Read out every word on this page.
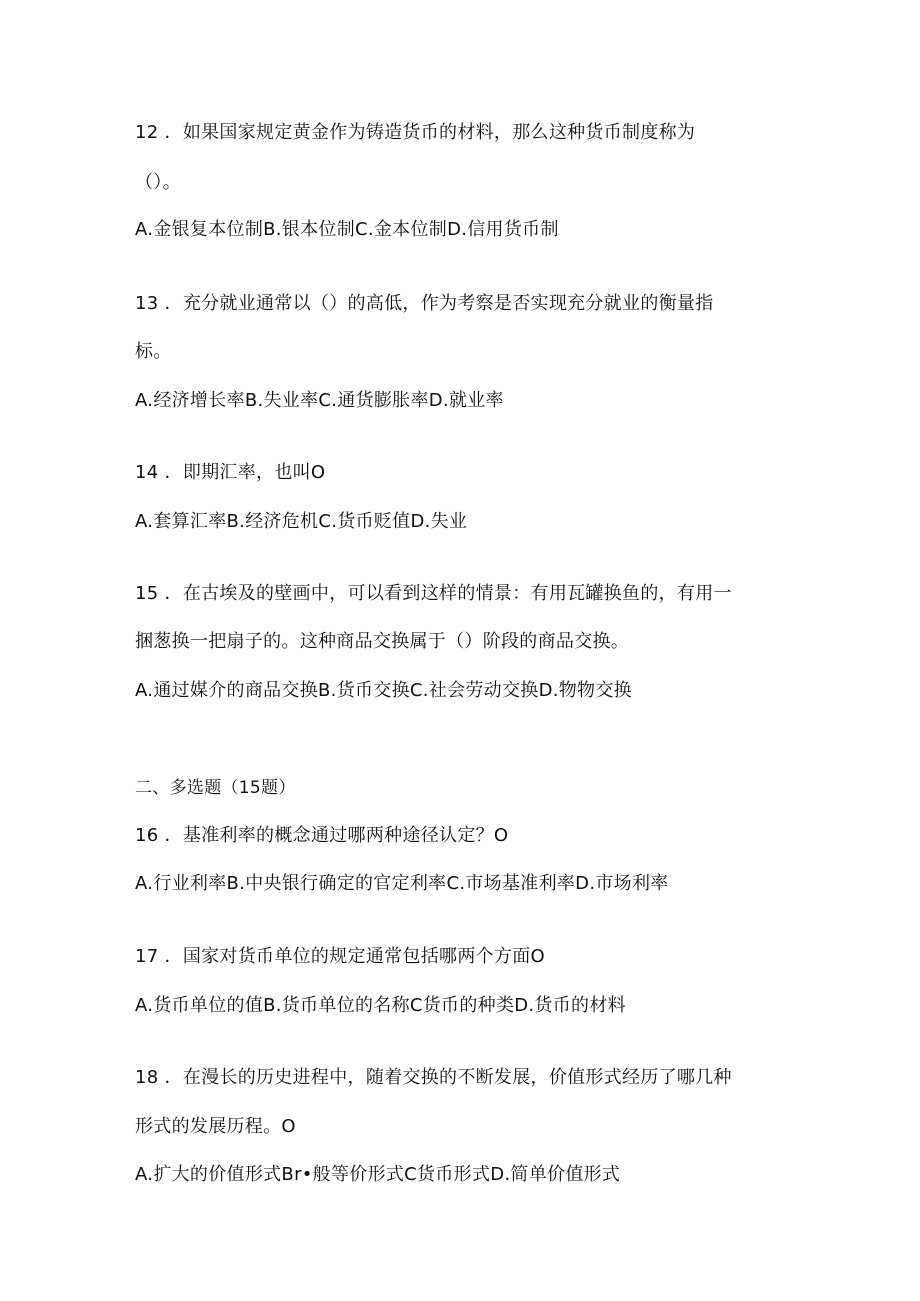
12 ．如果国家规定黄金作为铸造货币的材料，那么这种货币制度称为
（）。
A.金银复本位制B.银本位制C.金本位制D.信用货币制
13 ．充分就业通常以（）的高低，作为考察是否实现充分就业的衡量指
标。
A.经济增长率B.失业率C.通货膨胀率D.就业率
14 ．即期汇率，也叫O
A.套算汇率B.经济危机C.货币贬值D.失业
15 ．在古埃及的壁画中，可以看到这样的情景：有用瓦罐换鱼的，有用一
捆葱换一把扇子的。这种商品交换属于（）阶段的商品交换。
A.通过媒介的商品交换B.货币交换C.社会劳动交换D.物物交换
二、多选题（15题）
16 ．基准利率的概念通过哪两种途径认定？O
A.行业利率B.中央银行确定的官定利率C.市场基准利率D.市场利率
17 ．国家对货币单位的规定通常包括哪两个方面O
A.货币单位的值B.货币单位的名称C货币的种类D.货币的材料
18 ．在漫长的历史进程中，随着交换的不断发展，价值形式经历了哪几种
形式的发展历程。O
A.扩大的价值形式Br•般等价形式C货币形式D.简单价值形式
